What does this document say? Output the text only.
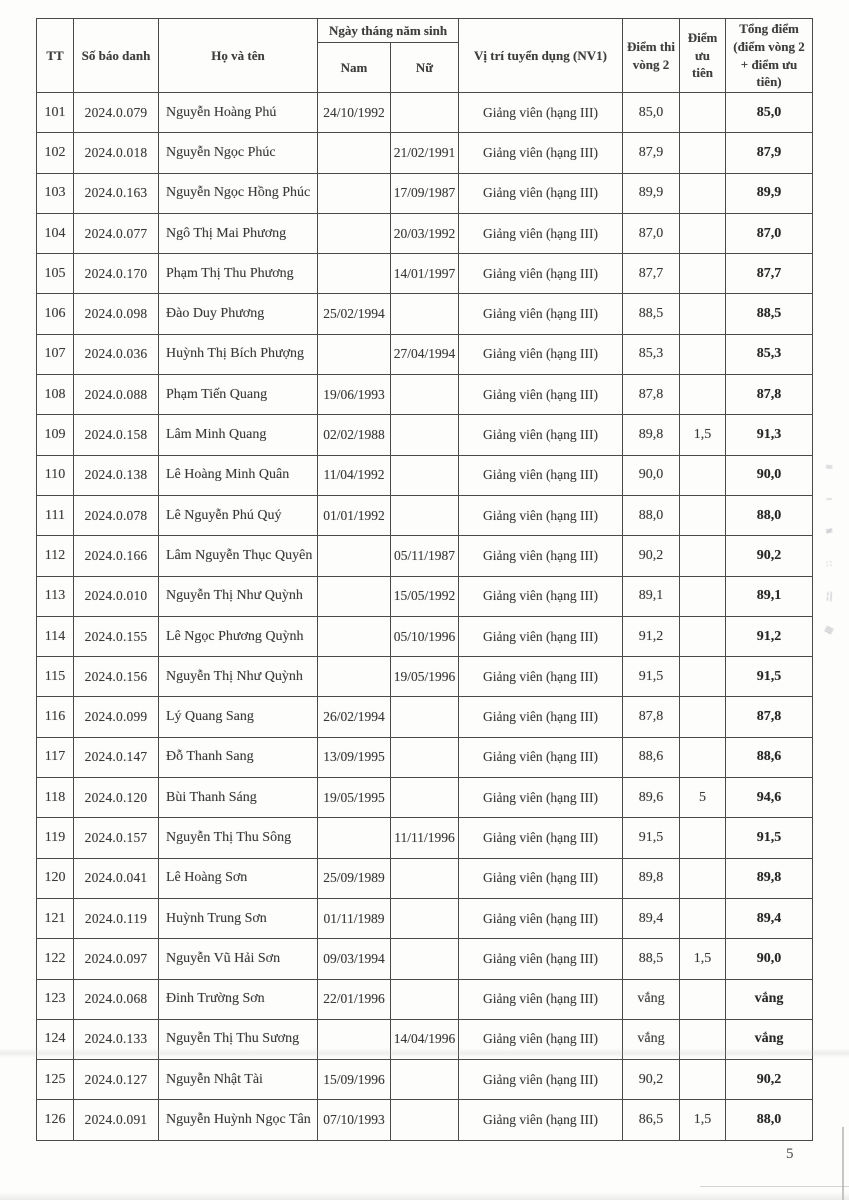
TT	Số báo danh	Họ và tên	Ngày tháng năm sinh		Vị trí tuyển dụng (NV1)	Điểm thi vòng 2	Điểm ưu tiên	Tổng điểm (điểm vòng 2 + điểm ưu tiên)
			Nam	Nữ				
101	2024.0.079	Nguyễn Hoàng Phú	24/10/1992		Giảng viên (hạng III)	85,0		85,0
102	2024.0.018	Nguyễn Ngọc Phúc		21/02/1991	Giảng viên (hạng III)	87,9		87,9
103	2024.0.163	Nguyễn Ngọc Hồng Phúc		17/09/1987	Giảng viên (hạng III)	89,9		89,9
104	2024.0.077	Ngô Thị Mai Phương		20/03/1992	Giảng viên (hạng III)	87,0		87,0
105	2024.0.170	Phạm Thị Thu Phương		14/01/1997	Giảng viên (hạng III)	87,7		87,7
106	2024.0.098	Đào Duy Phương	25/02/1994		Giảng viên (hạng III)	88,5		88,5
107	2024.0.036	Huỳnh Thị Bích Phượng		27/04/1994	Giảng viên (hạng III)	85,3		85,3
108	2024.0.088	Phạm Tiến Quang	19/06/1993		Giảng viên (hạng III)	87,8		87,8
109	2024.0.158	Lâm Minh Quang	02/02/1988		Giảng viên (hạng III)	89,8	1,5	91,3
110	2024.0.138	Lê Hoàng Minh Quân	11/04/1992		Giảng viên (hạng III)	90,0		90,0
111	2024.0.078	Lê Nguyễn Phú Quý	01/01/1992		Giảng viên (hạng III)	88,0		88,0
112	2024.0.166	Lâm Nguyễn Thục Quyên		05/11/1987	Giảng viên (hạng III)	90,2		90,2
113	2024.0.010	Nguyễn Thị Như Quỳnh		15/05/1992	Giảng viên (hạng III)	89,1		89,1
114	2024.0.155	Lê Ngọc Phương Quỳnh		05/10/1996	Giảng viên (hạng III)	91,2		91,2
115	2024.0.156	Nguyễn Thị Như Quỳnh		19/05/1996	Giảng viên (hạng III)	91,5		91,5
116	2024.0.099	Lý Quang Sang	26/02/1994		Giảng viên (hạng III)	87,8		87,8
117	2024.0.147	Đỗ Thanh Sang	13/09/1995		Giảng viên (hạng III)	88,6		88,6
118	2024.0.120	Bùi Thanh Sáng	19/05/1995		Giảng viên (hạng III)	89,6	5	94,6
119	2024.0.157	Nguyễn Thị Thu Sông		11/11/1996	Giảng viên (hạng III)	91,5		91,5
120	2024.0.041	Lê Hoàng Sơn	25/09/1989		Giảng viên (hạng III)	89,8		89,8
121	2024.0.119	Huỳnh Trung Sơn	01/11/1989		Giảng viên (hạng III)	89,4		89,4
122	2024.0.097	Nguyễn Vũ Hải Sơn	09/03/1994		Giảng viên (hạng III)	88,5	1,5	90,0
123	2024.0.068	Đinh Trường Sơn	22/01/1996		Giảng viên (hạng III)	vắng		vắng
124	2024.0.133	Nguyễn Thị Thu Sương		14/04/1996	Giảng viên (hạng III)	vắng		vắng
125	2024.0.127	Nguyễn Nhật Tài	15/09/1996		Giảng viên (hạng III)	90,2		90,2
126	2024.0.091	Nguyễn Huỳnh Ngọc Tân	07/10/1993		Giảng viên (hạng III)	86,5	1,5	88,0
=
−
≠
∷
¦|
≋
5
